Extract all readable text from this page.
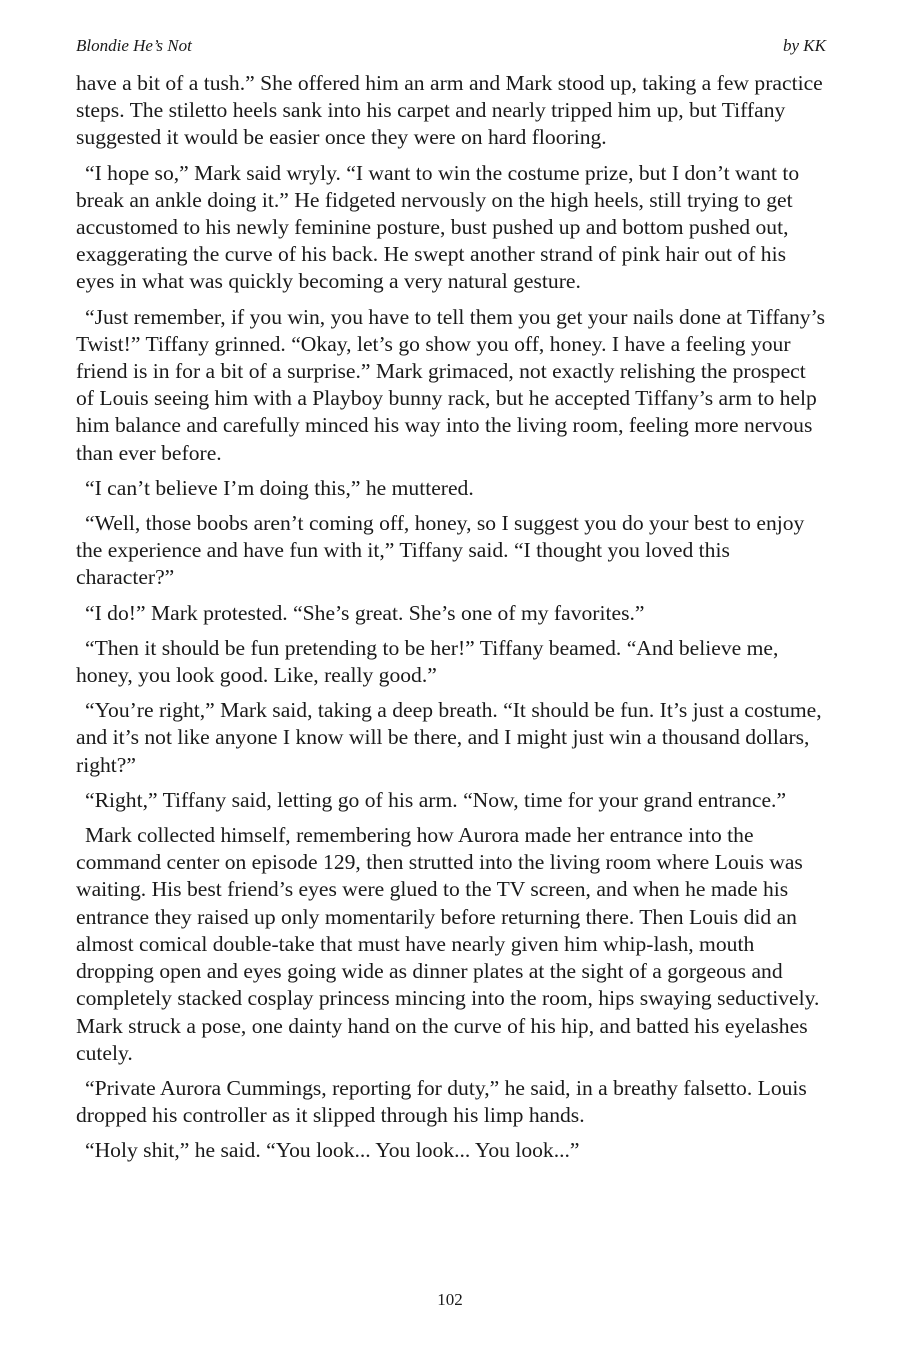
Blondie He’s Not	by KK

have a bit of a tush.” She offered him an arm and Mark stood up, taking a few practice steps. The stiletto heels sank into his carpet and nearly tripped him up, but Tiffany suggested it would be easier once they were on hard flooring.

“I hope so,” Mark said wryly. “I want to win the costume prize, but I don’t want to break an ankle doing it.” He fidgeted nervously on the high heels, still trying to get accustomed to his newly feminine posture, bust pushed up and bottom pushed out, exaggerating the curve of his back. He swept another strand of pink hair out of his eyes in what was quickly becoming a very natural gesture.

“Just remember, if you win, you have to tell them you get your nails done at Tiffany’s Twist!” Tiffany grinned. “Okay, let’s go show you off, honey. I have a feeling your friend is in for a bit of a surprise.” Mark grimaced, not exactly relishing the prospect of Louis seeing him with a Playboy bunny rack, but he accepted Tiffany’s arm to help him balance and carefully minced his way into the living room, feeling more nervous than ever before.

“I can’t believe I’m doing this,” he muttered.

“Well, those boobs aren’t coming off, honey, so I suggest you do your best to enjoy the experience and have fun with it,” Tiffany said. “I thought you loved this character?”

“I do!” Mark protested. “She’s great. She’s one of my favorites.”

“Then it should be fun pretending to be her!” Tiffany beamed. “And believe me, honey, you look good. Like, really good.”

“You’re right,” Mark said, taking a deep breath. “It should be fun. It’s just a costume, and it’s not like anyone I know will be there, and I might just win a thousand dollars, right?”

“Right,” Tiffany said, letting go of his arm. “Now, time for your grand entrance.”

Mark collected himself, remembering how Aurora made her entrance into the command center on episode 129, then strutted into the living room where Louis was waiting. His best friend’s eyes were glued to the TV screen, and when he made his entrance they raised up only momentarily before returning there. Then Louis did an almost comical double-take that must have nearly given him whip-lash, mouth dropping open and eyes going wide as dinner plates at the sight of a gorgeous and completely stacked cosplay princess mincing into the room, hips swaying seductively. Mark struck a pose, one dainty hand on the curve of his hip, and batted his eyelashes cutely.

“Private Aurora Cummings, reporting for duty,” he said, in a breathy falsetto. Louis dropped his controller as it slipped through his limp hands.

“Holy shit,” he said. “You look... You look... You look...”

102
